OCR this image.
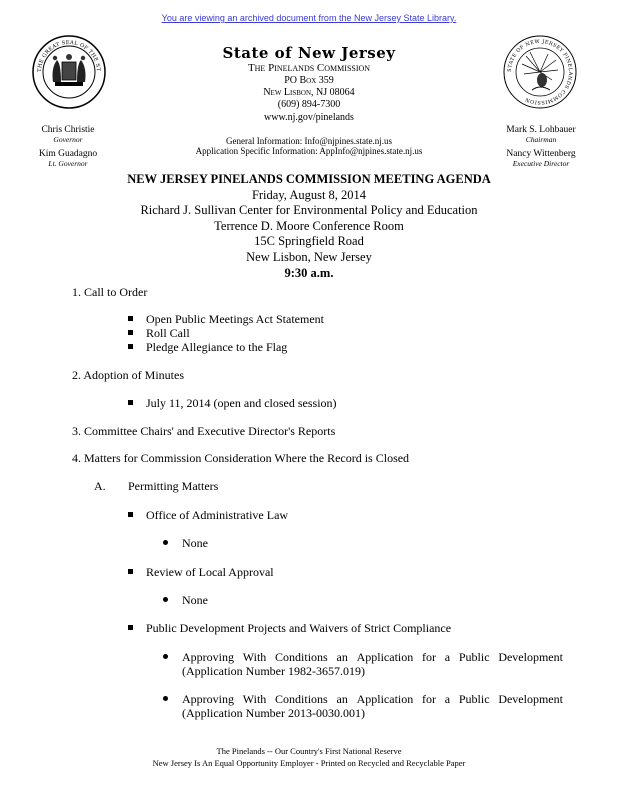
You are viewing an archived document from the New Jersey State Library.
THE GREAT SEAL OF THE ST
State of New Jersey
The Pinelands Commission
PO Box 359
New Lisbon, NJ 08064
(609) 894-7300
www.nj.gov/pinelands
STATE OF NEW JERSEY PINELANDS COMMISSION
Chris Christie
Governor
Kim Guadagno
Lt. Governor
Mark S. Lohbauer
Chairman
Nancy Wittenberg
Executive Director
General Information: Info@njpines.state.nj.us
Application Specific Information: AppInfo@njpines.state.nj.us
NEW JERSEY PINELANDS COMMISSION MEETING AGENDA
Friday, August 8, 2014
Richard J. Sullivan Center for Environmental Policy and Education
Terrence D. Moore Conference Room
15C Springfield Road
New Lisbon, New Jersey
9:30 a.m.
1. Call to Order
Open Public Meetings Act Statement
Roll Call
Pledge Allegiance to the Flag
2. Adoption of Minutes
July 11, 2014 (open and closed session)
3. Committee Chairs' and Executive Director's Reports
4. Matters for Commission Consideration Where the Record is Closed
A. Permitting Matters
Office of Administrative Law
None
Review of Local Approval
None
Public Development Projects and Waivers of Strict Compliance
Approving With Conditions an Application for a Public Development
(Application Number 1982-3657.019)
Approving With Conditions an Application for a Public Development
(Application Number 2013-0030.001)
The Pinelands -- Our Country's First National Reserve
New Jersey Is An Equal Opportunity Employer - Printed on Recycled and Recyclable Paper
